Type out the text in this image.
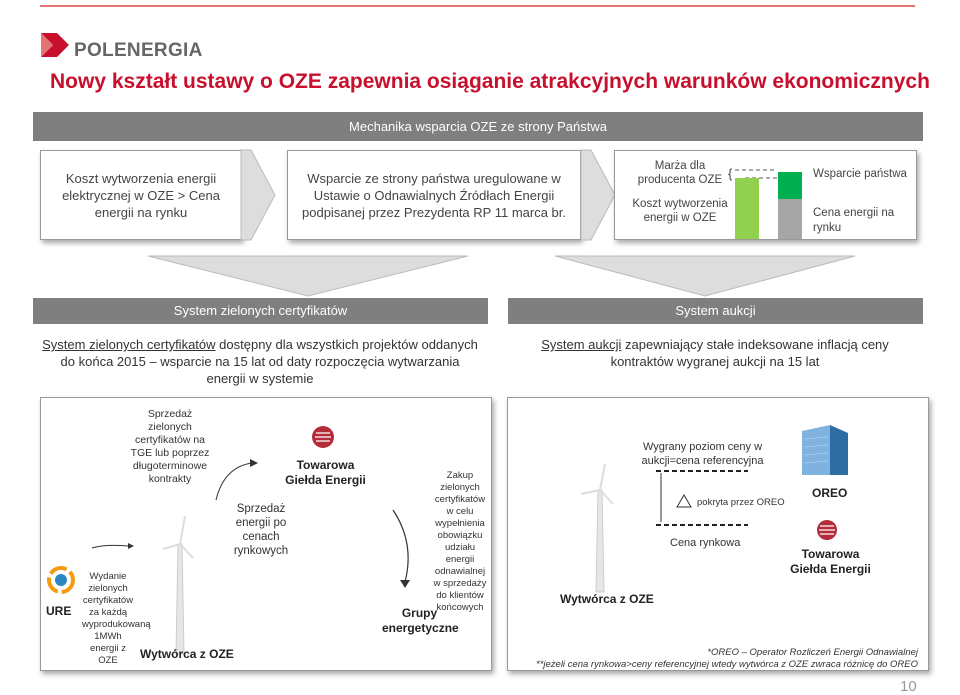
POLENERGIA
Nowy kształt ustawy o OZE zapewnia osiąganie atrakcyjnych warunków ekonomicznych
Mechanika wsparcia OZE ze strony Państwa
Koszt wytworzenia energii elektrycznej w OZE > Cena energii na rynku
Wsparcie ze strony państwa uregulowane w Ustawie o Odnawialnych Źródłach Energii podpisanej przez Prezydenta RP 11 marca br.
Marża dla producenta OZE
Koszt wytworzenia energii w OZE
{	Wsparcie państwa
Cena energii na rynku
System zielonych certyfikatów	System aukcji
System zielonych certyfikatów dostępny dla wszystkich projektów oddanych do końca 2015 – wsparcie na 15 lat od daty rozpoczęcia wytwarzania energii w systemie
System aukcji zapewniający stałe indeksowane inflacją ceny kontraktów wygranej aukcji na 15 lat
Sprzedaż zielonych certyfikatów na TGE lub poprzez długoterminowe kontrakty
URE
Wydanie zielonych certyfikatów za każdą wyprodukowaną 1MWh energii z OZE	Wytwórca z OZE
Sprzedaż energii po cenach rynkowych
Towarowa Giełda Energii	Zakup zielonych certyfikatów w celu wypełnienia obowiązku udziału energii odnawialnej w sprzedaży do klientów końcowych
Grupy energetyczne
Wytwórca z OZE
Wygrany poziom ceny w aukcji=cena referencyjna
pokryta przez OREO
Cena rynkowa
OREO
Towarowa Giełda Energii
*OREO – Operator Rozliczeń Energii Odnawialnej
**jeżeli cena rynkowa>ceny referencyjnej wtedy wytwórca z OZE zwraca różnicę do OREO
10
